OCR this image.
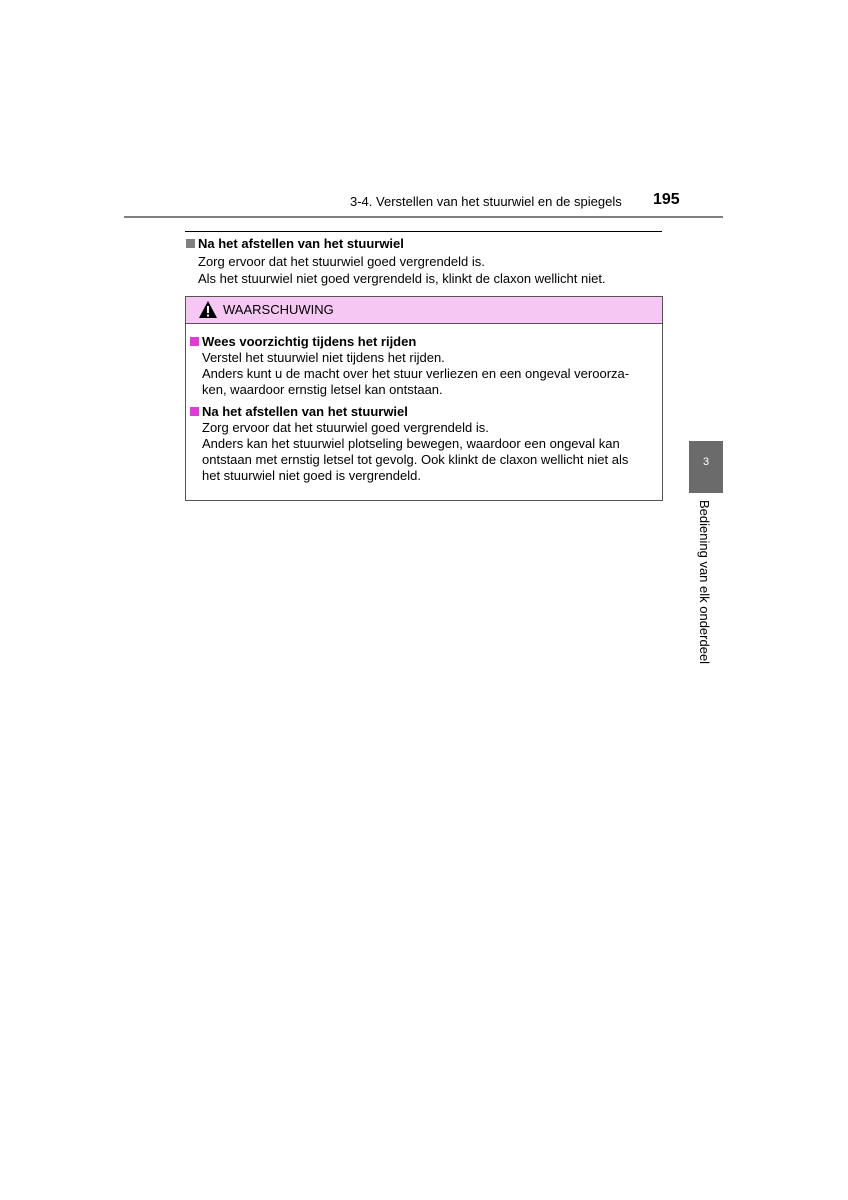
3-4. Verstellen van het stuurwiel en de spiegels 195
Na het afstellen van het stuurwiel
Zorg ervoor dat het stuurwiel goed vergrendeld is.
Als het stuurwiel niet goed vergrendeld is, klinkt de claxon wellicht niet.
WAARSCHUWING
Wees voorzichtig tijdens het rijden
Verstel het stuurwiel niet tijdens het rijden.
Anders kunt u de macht over het stuur verliezen en een ongeval veroorza-
ken, waardoor ernstig letsel kan ontstaan.
Na het afstellen van het stuurwiel
Zorg ervoor dat het stuurwiel goed vergrendeld is.
Anders kan het stuurwiel plotseling bewegen, waardoor een ongeval kan
ontstaan met ernstig letsel tot gevolg. Ook klinkt de claxon wellicht niet als
het stuurwiel niet goed is vergrendeld.
3
Bediening van elk onderdeel
